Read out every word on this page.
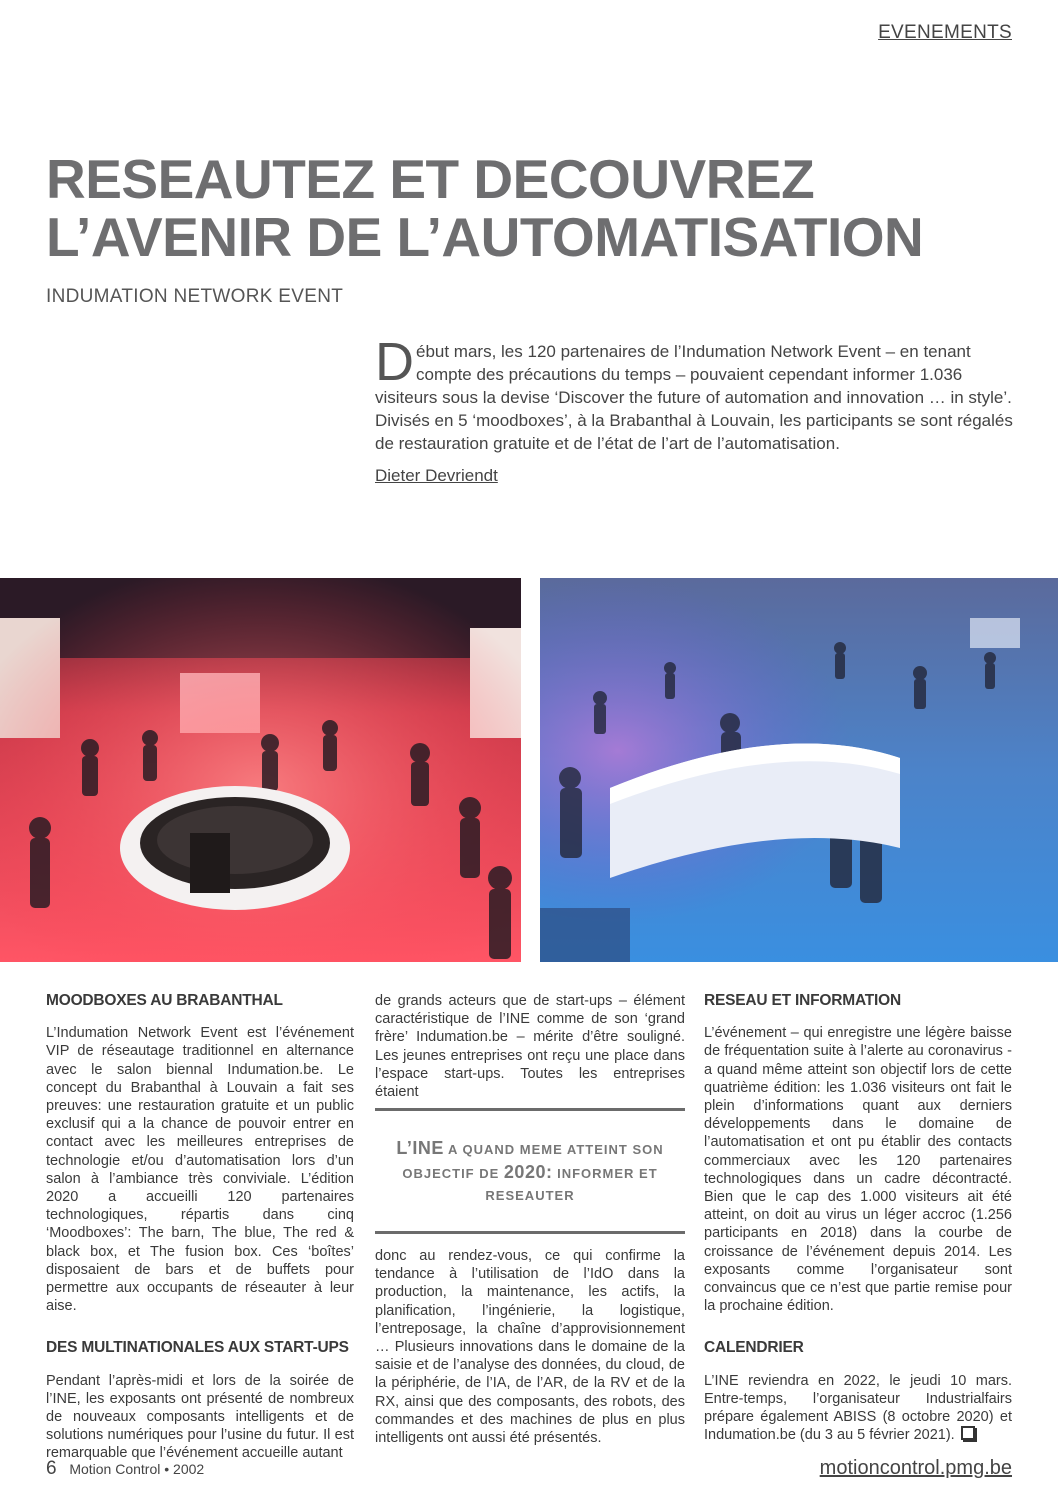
EVENEMENTS
RESEAUTEZ ET DECOUVREZ
L’AVENIR DE L’AUTOMATISATION
INDUMATION NETWORK EVENT
Début mars, les 120 partenaires de l’Indumation Network Event – en tenant compte des précautions du temps – pouvaient cependant informer 1.036 visiteurs sous la devise ‘Discover the future of automation and innovation … in style’. Divisés en 5 ‘moodboxes’, à la Brabanthal à Louvain, les participants se sont régalés de restauration gratuite et de l’état de l’art de l’automatisation.
Dieter Devriendt
MOODBOXES AU BRABANTHAL

L’Indumation Network Event est l’événement VIP de réseautage traditionnel en alternance avec le salon biennal Indumation.be. Le concept du Brabanthal à Louvain a fait ses preuves: une restauration gratuite et un public exclusif qui a la chance de pouvoir entrer en contact avec les meilleures entreprises de technologie et/ou d’automatisation lors d’un salon à l’ambiance très conviviale. L’édition 2020 a accueilli 120 partenaires technologiques, répartis dans cinq ‘Moodboxes’: The barn, The blue, The red & black box, et The fusion box. Ces ‘boîtes’ disposaient de bars et de buffets pour permettre aux occupants de réseauter à leur aise.

DES MULTINATIONALES AUX START-UPS

Pendant l’après-midi et lors de la soirée de l’INE, les exposants ont présenté de nombreux de nouveaux composants intelligents et de solutions numériques pour l’usine du futur. Il est remarquable que l’événement accueille autant

de grands acteurs que de start-ups – élément caractéristique de l’INE comme de son ‘grand frère’ Indumation.be – mérite d’être souligné. Les jeunes entreprises ont reçu une place dans l’espace start-ups. Toutes les entreprises étaient

L’INE A QUAND MEME ATTEINT SON OBJECTIF DE 2020: INFORMER ET RESEAUTER

donc au rendez-vous, ce qui confirme la tendance à l’utilisation de l’IdO dans la production, la maintenance, les actifs, la planification, l’ingénierie, la logistique, l’entreposage, la chaîne d’approvisionnement … Plusieurs innovations dans le domaine de la saisie et de l’analyse des données, du cloud, de la périphérie, de l’IA, de l’AR, de la RV et de la RX, ainsi que des composants, des robots, des commandes et des machines de plus en plus intelligents ont aussi été présentés.

RESEAU ET INFORMATION

L’événement – qui enregistre une légère baisse de fréquentation suite à l’alerte au coronavirus - a quand même atteint son objectif lors de cette quatrième édition: les 1.036 visiteurs ont fait le plein d’informations quant aux derniers développements dans le domaine de l’automatisation et ont pu établir des contacts commerciaux avec les 120 partenaires technologiques dans un cadre décontracté. Bien que le cap des 1.000 visiteurs ait été atteint, on doit au virus un léger accroc (1.256 participants en 2018) dans la courbe de croissance de l’événement depuis 2014. Les exposants comme l’organisateur sont convaincus que ce n’est que partie remise pour la prochaine édition.

CALENDRIER

L’INE reviendra en 2022, le jeudi 10 mars. Entre-temps, l’organisateur Industrialfairs prépare également ABISS (8 octobre 2020) et Indumation.be (du 3 au 5 février 2021).

6 Motion Control • 2002	motioncontrol.pmg.be
